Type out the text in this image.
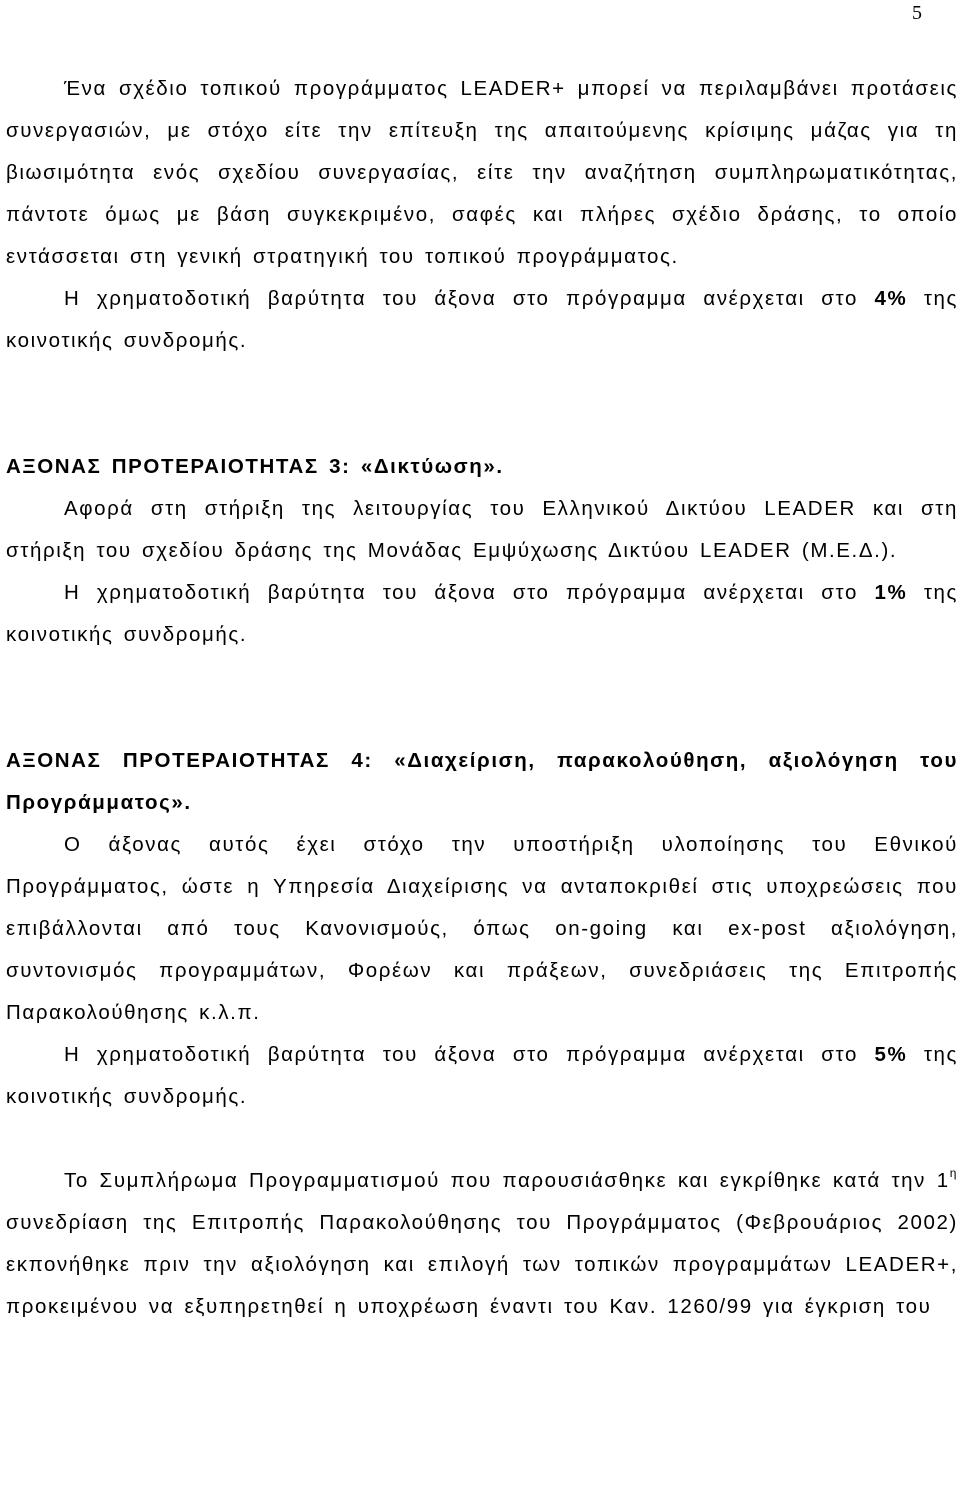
5

Ένα σχέδιο τοπικού προγράμματος LEADER+ μπορεί να περιλαμβάνει προτάσεις συνεργασιών, με στόχο είτε την επίτευξη της απαιτούμενης κρίσιμης μάζας για τη βιωσιμότητα ενός σχεδίου συνεργασίας, είτε την αναζήτηση συμπληρωματικότητας, πάντοτε όμως με βάση συγκεκριμένο, σαφές και πλήρες σχέδιο δράσης, το οποίο εντάσσεται στη γενική στρατηγική του τοπικού προγράμματος.

Η χρηματοδοτική βαρύτητα του άξονα στο πρόγραμμα ανέρχεται στο 4% της κοινοτικής συνδρομής.

ΑΞΟΝΑΣ ΠΡΟΤΕΡΑΙΟΤΗΤΑΣ 3: «Δικτύωση».

Αφορά στη στήριξη της λειτουργίας του Ελληνικού Δικτύου LEADER και στη στήριξη του σχεδίου δράσης της Μονάδας Εμψύχωσης Δικτύου LEADER (Μ.Ε.Δ.).

Η χρηματοδοτική βαρύτητα του άξονα στο πρόγραμμα ανέρχεται στο 1% της κοινοτικής συνδρομής.

ΑΞΟΝΑΣ ΠΡΟΤΕΡΑΙΟΤΗΤΑΣ 4: «Διαχείριση, παρακολούθηση, αξιολόγηση του Προγράμματος».

Ο άξονας αυτός έχει στόχο την υποστήριξη υλοποίησης του Εθνικού Προγράμματος, ώστε η Υπηρεσία Διαχείρισης να ανταποκριθεί στις υποχρεώσεις που επιβάλλονται από τους Κανονισμούς, όπως on-going και ex-post αξιολόγηση, συντονισμός προγραμμάτων, Φορέων και πράξεων, συνεδριάσεις της Επιτροπής Παρακολούθησης κ.λ.π.

Η χρηματοδοτική βαρύτητα του άξονα στο πρόγραμμα ανέρχεται στο 5% της κοινοτικής συνδρομής.

Το Συμπλήρωμα Προγραμματισμού που παρουσιάσθηκε και εγκρίθηκε κατά την $1^\eta$ συνεδρίαση της Επιτροπής Παρακολούθησης του Προγράμματος (Φεβρουάριος 2002) εκπονήθηκε πριν την αξιολόγηση και επιλογή των τοπικών προγραμμάτων LEADER+, προκειμένου να εξυπηρετηθεί η υποχρέωση έναντι του Καν. 1260/99 για έγκριση του
